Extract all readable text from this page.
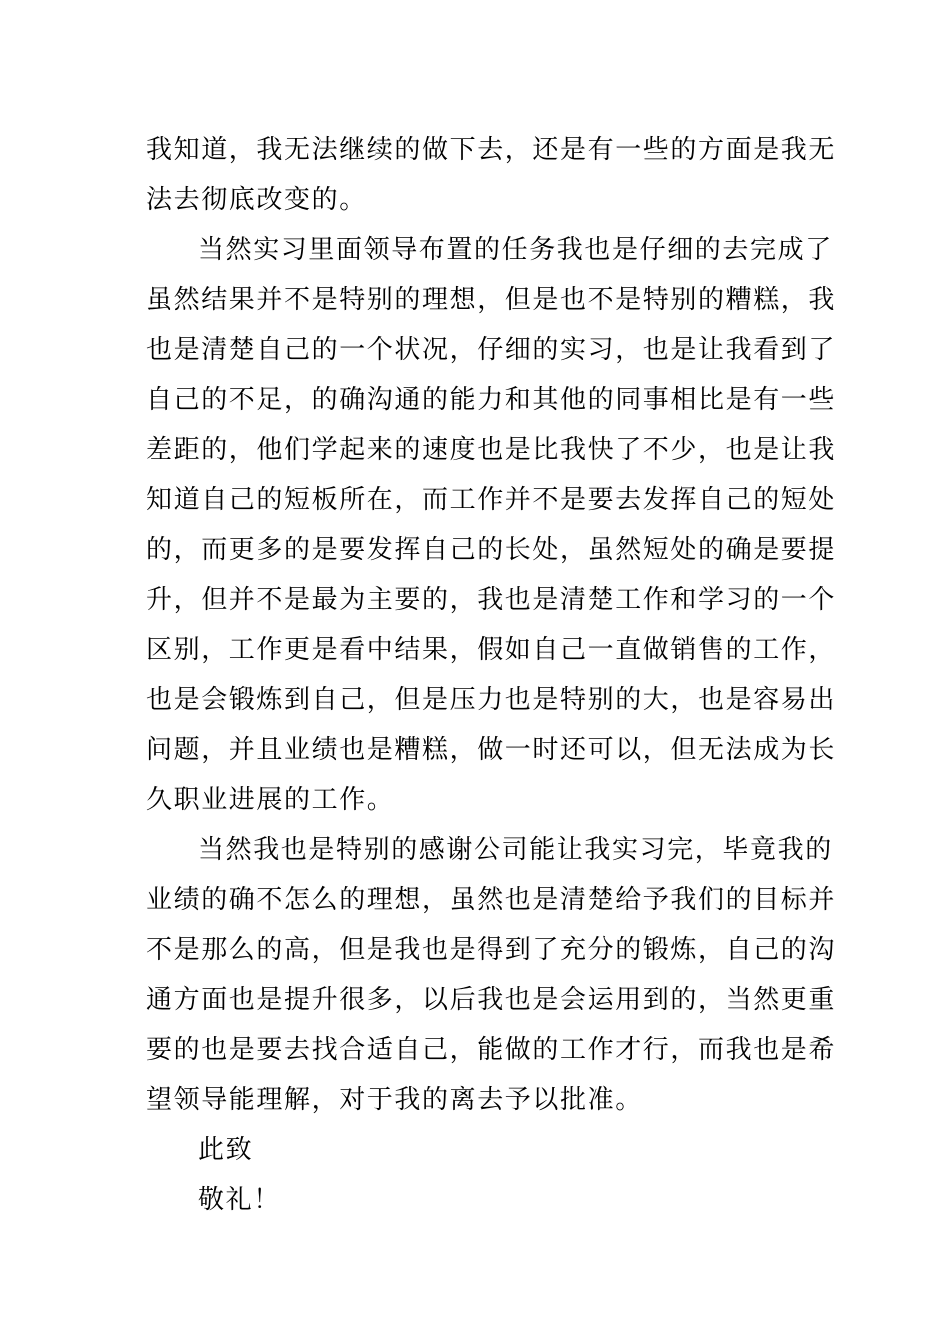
我知道，我无法继续的做下去，还是有一些的方面是我无
法去彻底改变的。
当然实习里面领导布置的任务我也是仔细的去完成了
虽然结果并不是特别的理想，但是也不是特别的糟糕，我
也是清楚自己的一个状况，仔细的实习，也是让我看到了
自己的不足，的确沟通的能力和其他的同事相比是有一些
差距的，他们学起来的速度也是比我快了不少，也是让我
知道自己的短板所在，而工作并不是要去发挥自己的短处
的，而更多的是要发挥自己的长处，虽然短处的确是要提
升，但并不是最为主要的，我也是清楚工作和学习的一个
区别，工作更是看中结果，假如自己一直做销售的工作，
也是会锻炼到自己，但是压力也是特别的大，也是容易出
问题，并且业绩也是糟糕，做一时还可以，但无法成为长
久职业进展的工作。
当然我也是特别的感谢公司能让我实习完，毕竟我的
业绩的确不怎么的理想，虽然也是清楚给予我们的目标并
不是那么的高，但是我也是得到了充分的锻炼，自己的沟
通方面也是提升很多，以后我也是会运用到的，当然更重
要的也是要去找合适自己，能做的工作才行，而我也是希
望领导能理解，对于我的离去予以批准。
此致
敬礼！
